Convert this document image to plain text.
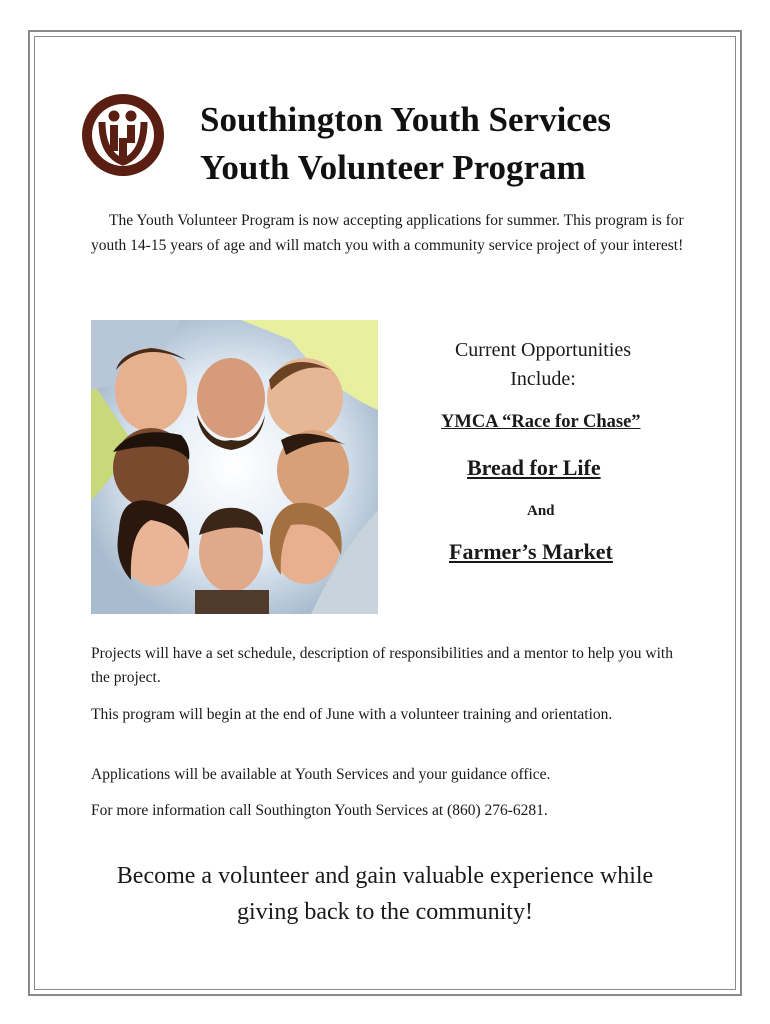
Southington Youth Services
Youth Volunteer Program

The Youth Volunteer Program is now accepting applications for summer. This program is for youth 14-15 years of age and will match you with a community service project of your interest!

Current Opportunities
Include:

YMCA “Race for Chase”
Bread for Life
And
Farmer’s Market

Projects will have a set schedule, description of responsibilities and a mentor to help you with the project.

This program will begin at the end of June with a volunteer training and orientation.

Applications will be available at Youth Services and your guidance office.

For more information call Southington Youth Services at (860) 276-6281.

Become a volunteer and gain valuable experience while
giving back to the community!
